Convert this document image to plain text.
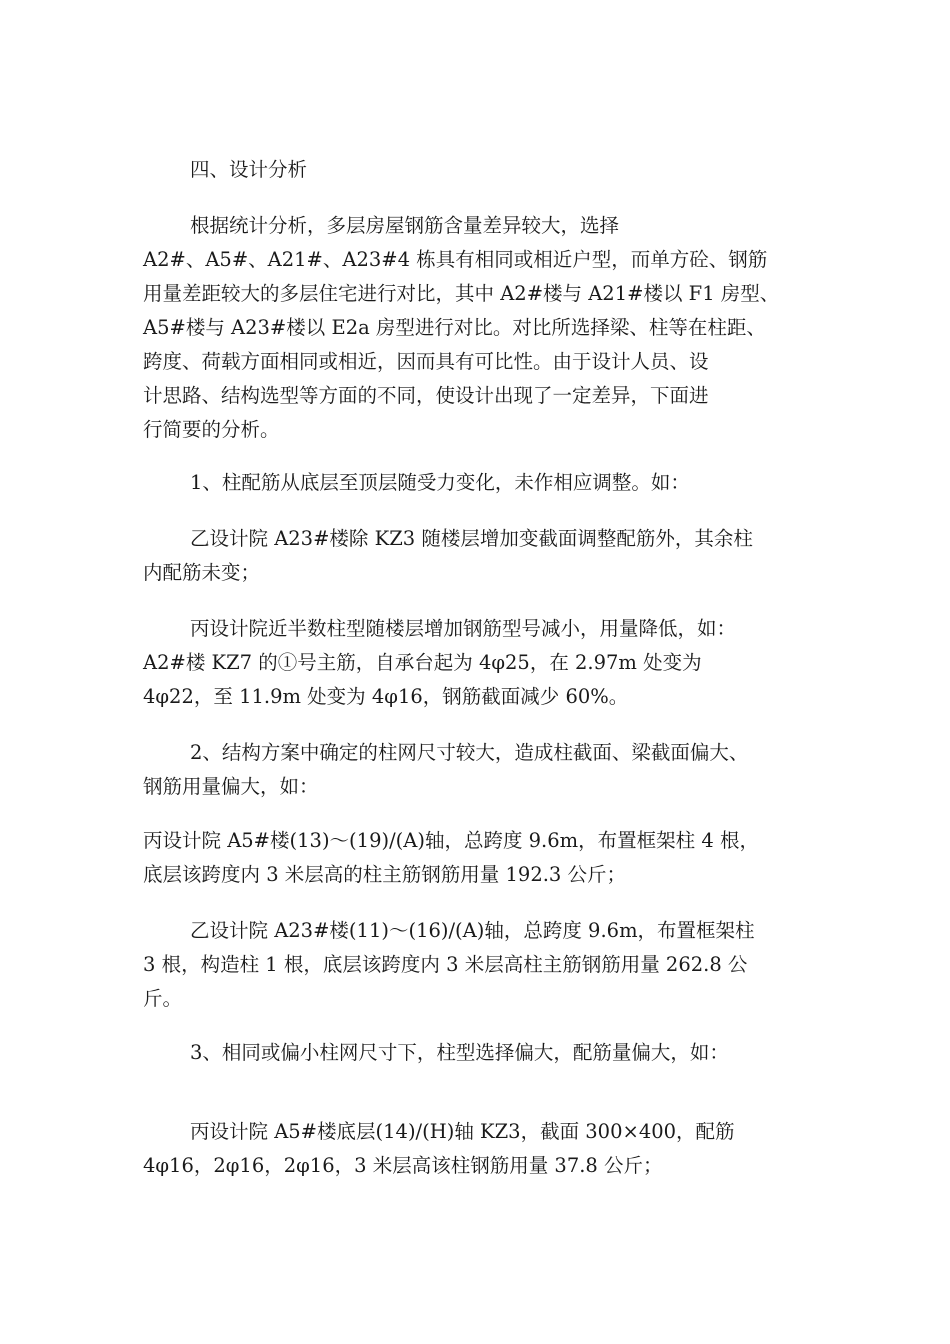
四、设计分析
根据统计分析，多层房屋钢筋含量差异较大，选择
A2#、A5#、A21#、A23#4 栋具有相同或相近户型，而单方砼、钢筋
用量差距较大的多层住宅进行对比，其中 A2#楼与 A21#楼以 F1 房型、
A5#楼与 A23#楼以 E2a 房型进行对比。对比所选择梁、柱等在柱距、
跨度、荷载方面相同或相近，因而具有可比性。由于设计人员、设
计思路、结构选型等方面的不同，使设计出现了一定差异，下面进
行简要的分析。
1、柱配筋从底层至顶层随受力变化，未作相应调整。如：
乙设计院 A23#楼除 KZ3 随楼层增加变截面调整配筋外，其余柱
内配筋未变；
丙设计院近半数柱型随楼层增加钢筋型号减小，用量降低，如：
A2#楼 KZ7 的①号主筋，自承台起为 4φ25，在 2.97m 处变为
4φ22，至 11.9m 处变为 4φ16，钢筋截面减少 60%。
2、结构方案中确定的柱网尺寸较大，造成柱截面、梁截面偏大、
钢筋用量偏大，如：
丙设计院 A5#楼(13)～(19)/(A)轴，总跨度 9.6m，布置框架柱 4 根，
底层该跨度内 3 米层高的柱主筋钢筋用量 192.3 公斤；
乙设计院 A23#楼(11)～(16)/(A)轴，总跨度 9.6m，布置框架柱
3 根，构造柱 1 根，底层该跨度内 3 米层高柱主筋钢筋用量 262.8 公
斤。
3、相同或偏小柱网尺寸下，柱型选择偏大，配筋量偏大，如：
丙设计院 A5#楼底层(14)/(H)轴 KZ3，截面 300×400，配筋
4φ16，2φ16，2φ16，3 米层高该柱钢筋用量 37.8 公斤；
